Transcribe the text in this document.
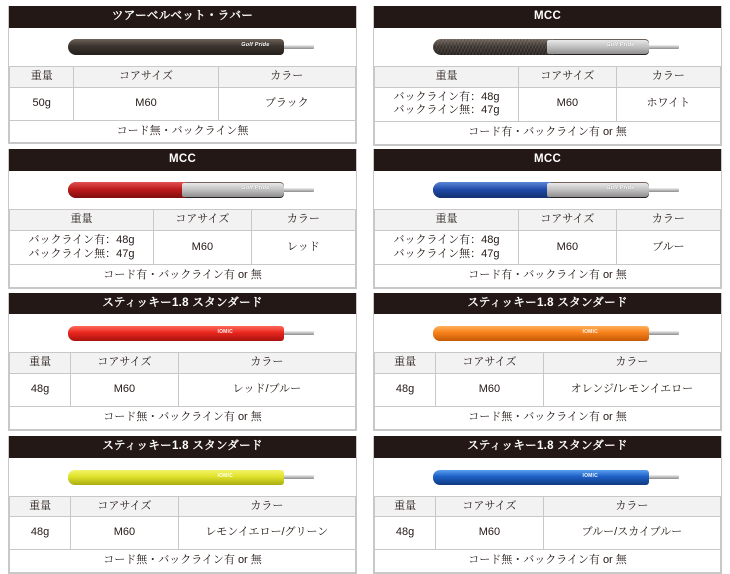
ツアーベルベット・ラバー
Golf Pride
重量	コアサイズ	カラー
50g	M60	ブラック
コード無・バックライン無		
MCC
Golf Pride
重量	コアサイズ	カラー
バックライン有：48g
バックライン無：47g	M60	ホワイト
コード有・バックライン有 or 無		
MCC
Golf Pride
重量	コアサイズ	カラー
バックライン有：48g
バックライン無：47g	M60	レッド
コード有・バックライン有 or 無		
MCC
Golf Pride
重量	コアサイズ	カラー
バックライン有：48g
バックライン無：47g	M60	ブルー
コード有・バックライン有 or 無		
スティッキー1.8 スタンダード
IOMIC
重量	コアサイズ	カラー
48g	M60	レッド/ブルー
コード無・バックライン有 or 無		
スティッキー1.8 スタンダード
IOMIC
重量	コアサイズ	カラー
48g	M60	オレンジ/レモンイエロー
コード無・バックライン有 or 無		
スティッキー1.8 スタンダード
IOMIC
重量	コアサイズ	カラー
48g	M60	レモンイエロー/グリーン
コード無・バックライン有 or 無		
スティッキー1.8 スタンダード
IOMIC
重量	コアサイズ	カラー
48g	M60	ブルー/スカイブルー
コード無・バックライン有 or 無		
